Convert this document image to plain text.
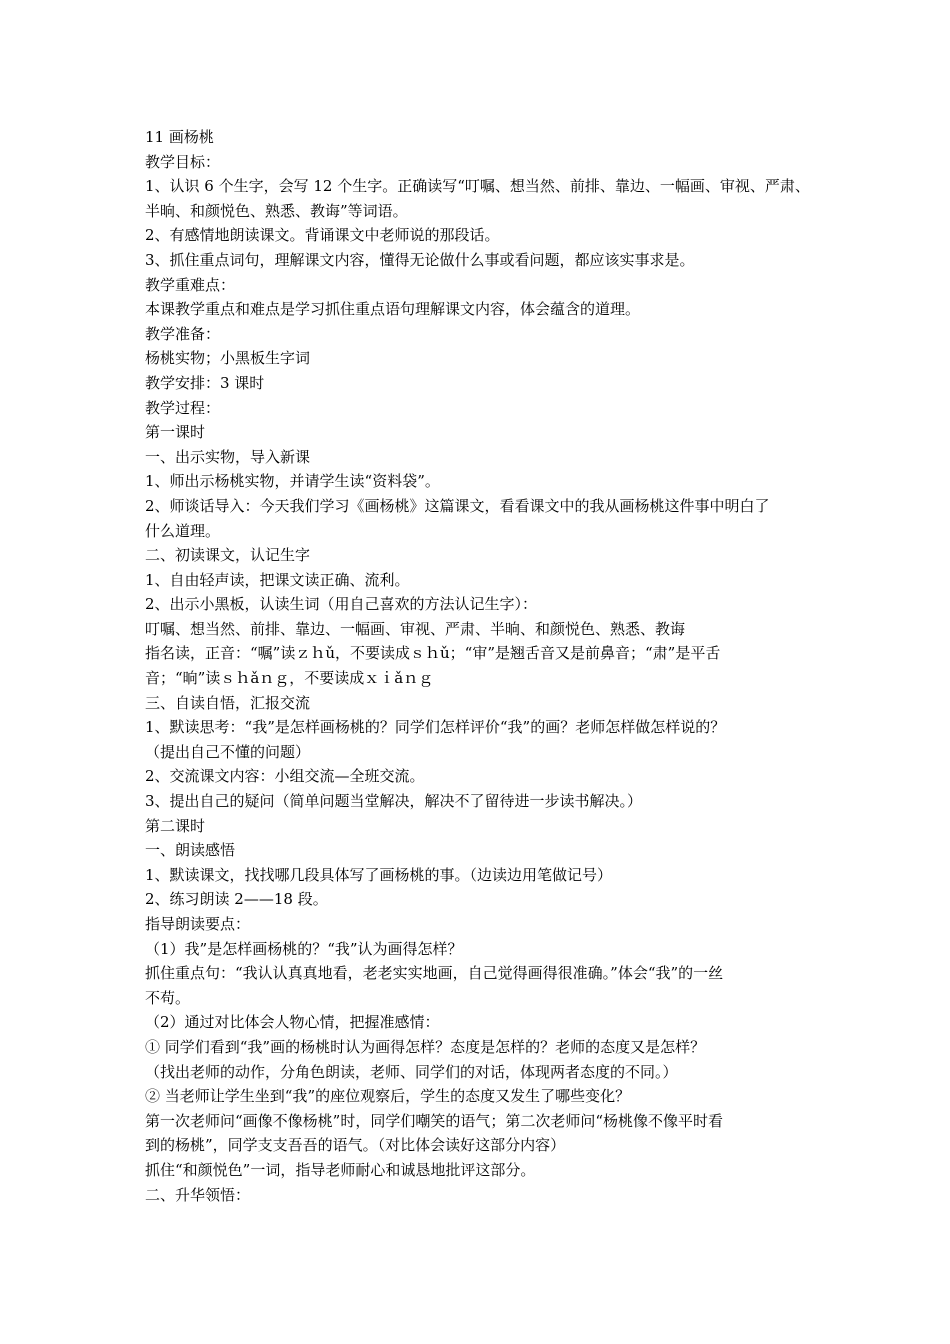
11 画杨桃
教学目标：
1、认识 6 个生字，会写 12 个生字。正确读写“叮嘱、想当然、前排、靠边、一幅画、审视、严肃、
半晌、和颜悦色、熟悉、教诲”等词语。
2、有感情地朗读课文。背诵课文中老师说的那段话。
3、抓住重点词句，理解课文内容，懂得无论做什么事或看问题，都应该实事求是。
教学重难点：
本课教学重点和难点是学习抓住重点语句理解课文内容，体会蕴含的道理。
教学准备：
杨桃实物；小黑板生字词
教学安排：3 课时
教学过程：
第一课时
一、出示实物，导入新课
1、师出示杨桃实物，并请学生读“资料袋”。
2、师谈话导入：今天我们学习《画杨桃》这篇课文，看看课文中的我从画杨桃这件事中明白了
什么道理。
二、初读课文，认记生字
1、自由轻声读，把课文读正确、流利。
2、出示小黑板，认读生词（用自己喜欢的方法认记生字）：
叮嘱、想当然、前排、靠边、一幅画、审视、严肃、半晌、和颜悦色、熟悉、教诲
指名读，正音：“嘱”读ｚｈǔ，不要读成ｓｈǔ；“审”是翘舌音又是前鼻音；“肃”是平舌
音；“晌”读ｓｈǎｎｇ，不要读成ｘｉǎｎｇ
三、自读自悟，汇报交流
1、默读思考：“我”是怎样画杨桃的？同学们怎样评价“我”的画？老师怎样做怎样说的？
（提出自己不懂的问题）
2、交流课文内容：小组交流—全班交流。
3、提出自己的疑问（简单问题当堂解决，解决不了留待进一步读书解决。）
第二课时
一、朗读感悟
1、默读课文，找找哪几段具体写了画杨桃的事。（边读边用笔做记号）
2、练习朗读 2——18 段。
指导朗读要点：
（1）我”是怎样画杨桃的？“我”认为画得怎样？
抓住重点句：“我认认真真地看，老老实实地画，自己觉得画得很准确。”体会“我”的一丝
不苟。
（2）通过对比体会人物心情，把握准感情：
① 同学们看到“我”画的杨桃时认为画得怎样？态度是怎样的？老师的态度又是怎样？
（找出老师的动作，分角色朗读，老师、同学们的对话，体现两者态度的不同。）
② 当老师让学生坐到“我”的座位观察后，学生的态度又发生了哪些变化？
第一次老师问“画像不像杨桃”时，同学们嘲笑的语气；第二次老师问“杨桃像不像平时看
到的杨桃”，同学支支吾吾的语气。（对比体会读好这部分内容）
抓住“和颜悦色”一词，指导老师耐心和诚恳地批评这部分。
二、升华领悟：
